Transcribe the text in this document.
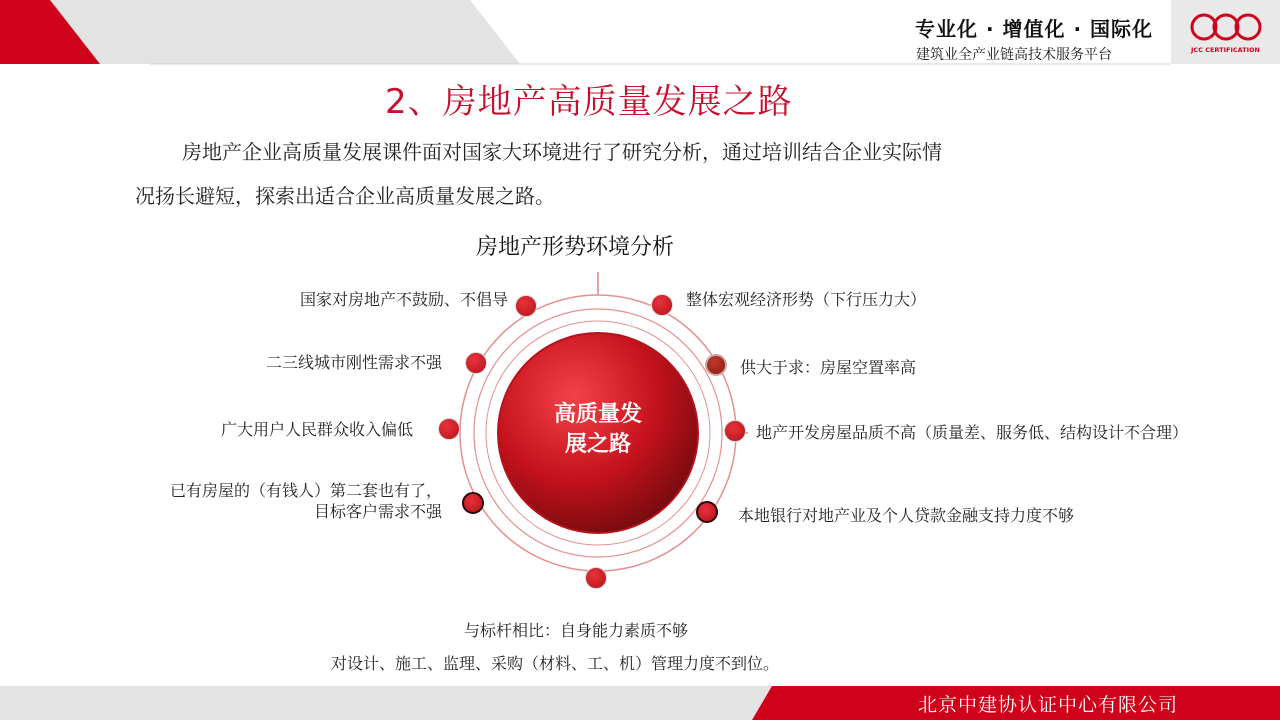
专业化 · 增值化 · 国际化
建筑业全产业链高技术服务平台	JCC CERTIFICATION
2、房地产高质量发展之路
房地产企业高质量发展课件面对国家大环境进行了研究分析，通过培训结合企业实际情
况扬长避短，探索出适合企业高质量发展之路。
房地产形势环境分析
高质量发
展之路
国家对房地产不鼓励、不倡导
二三线城市刚性需求不强
广大用户人民群众收入偏低
已有房屋的（有钱人）第二套也有了，
目标客户需求不强
整体宏观经济形势（下行压力大）
供大于求：房屋空置率高
地产开发房屋品质不高（质量差、服务低、结构设计不合理）
本地银行对地产业及个人贷款金融支持力度不够
与标杆相比：自身能力素质不够
对设计、施工、监理、采购（材料、工、机）管理力度不到位。
北京中建协认证中心有限公司
